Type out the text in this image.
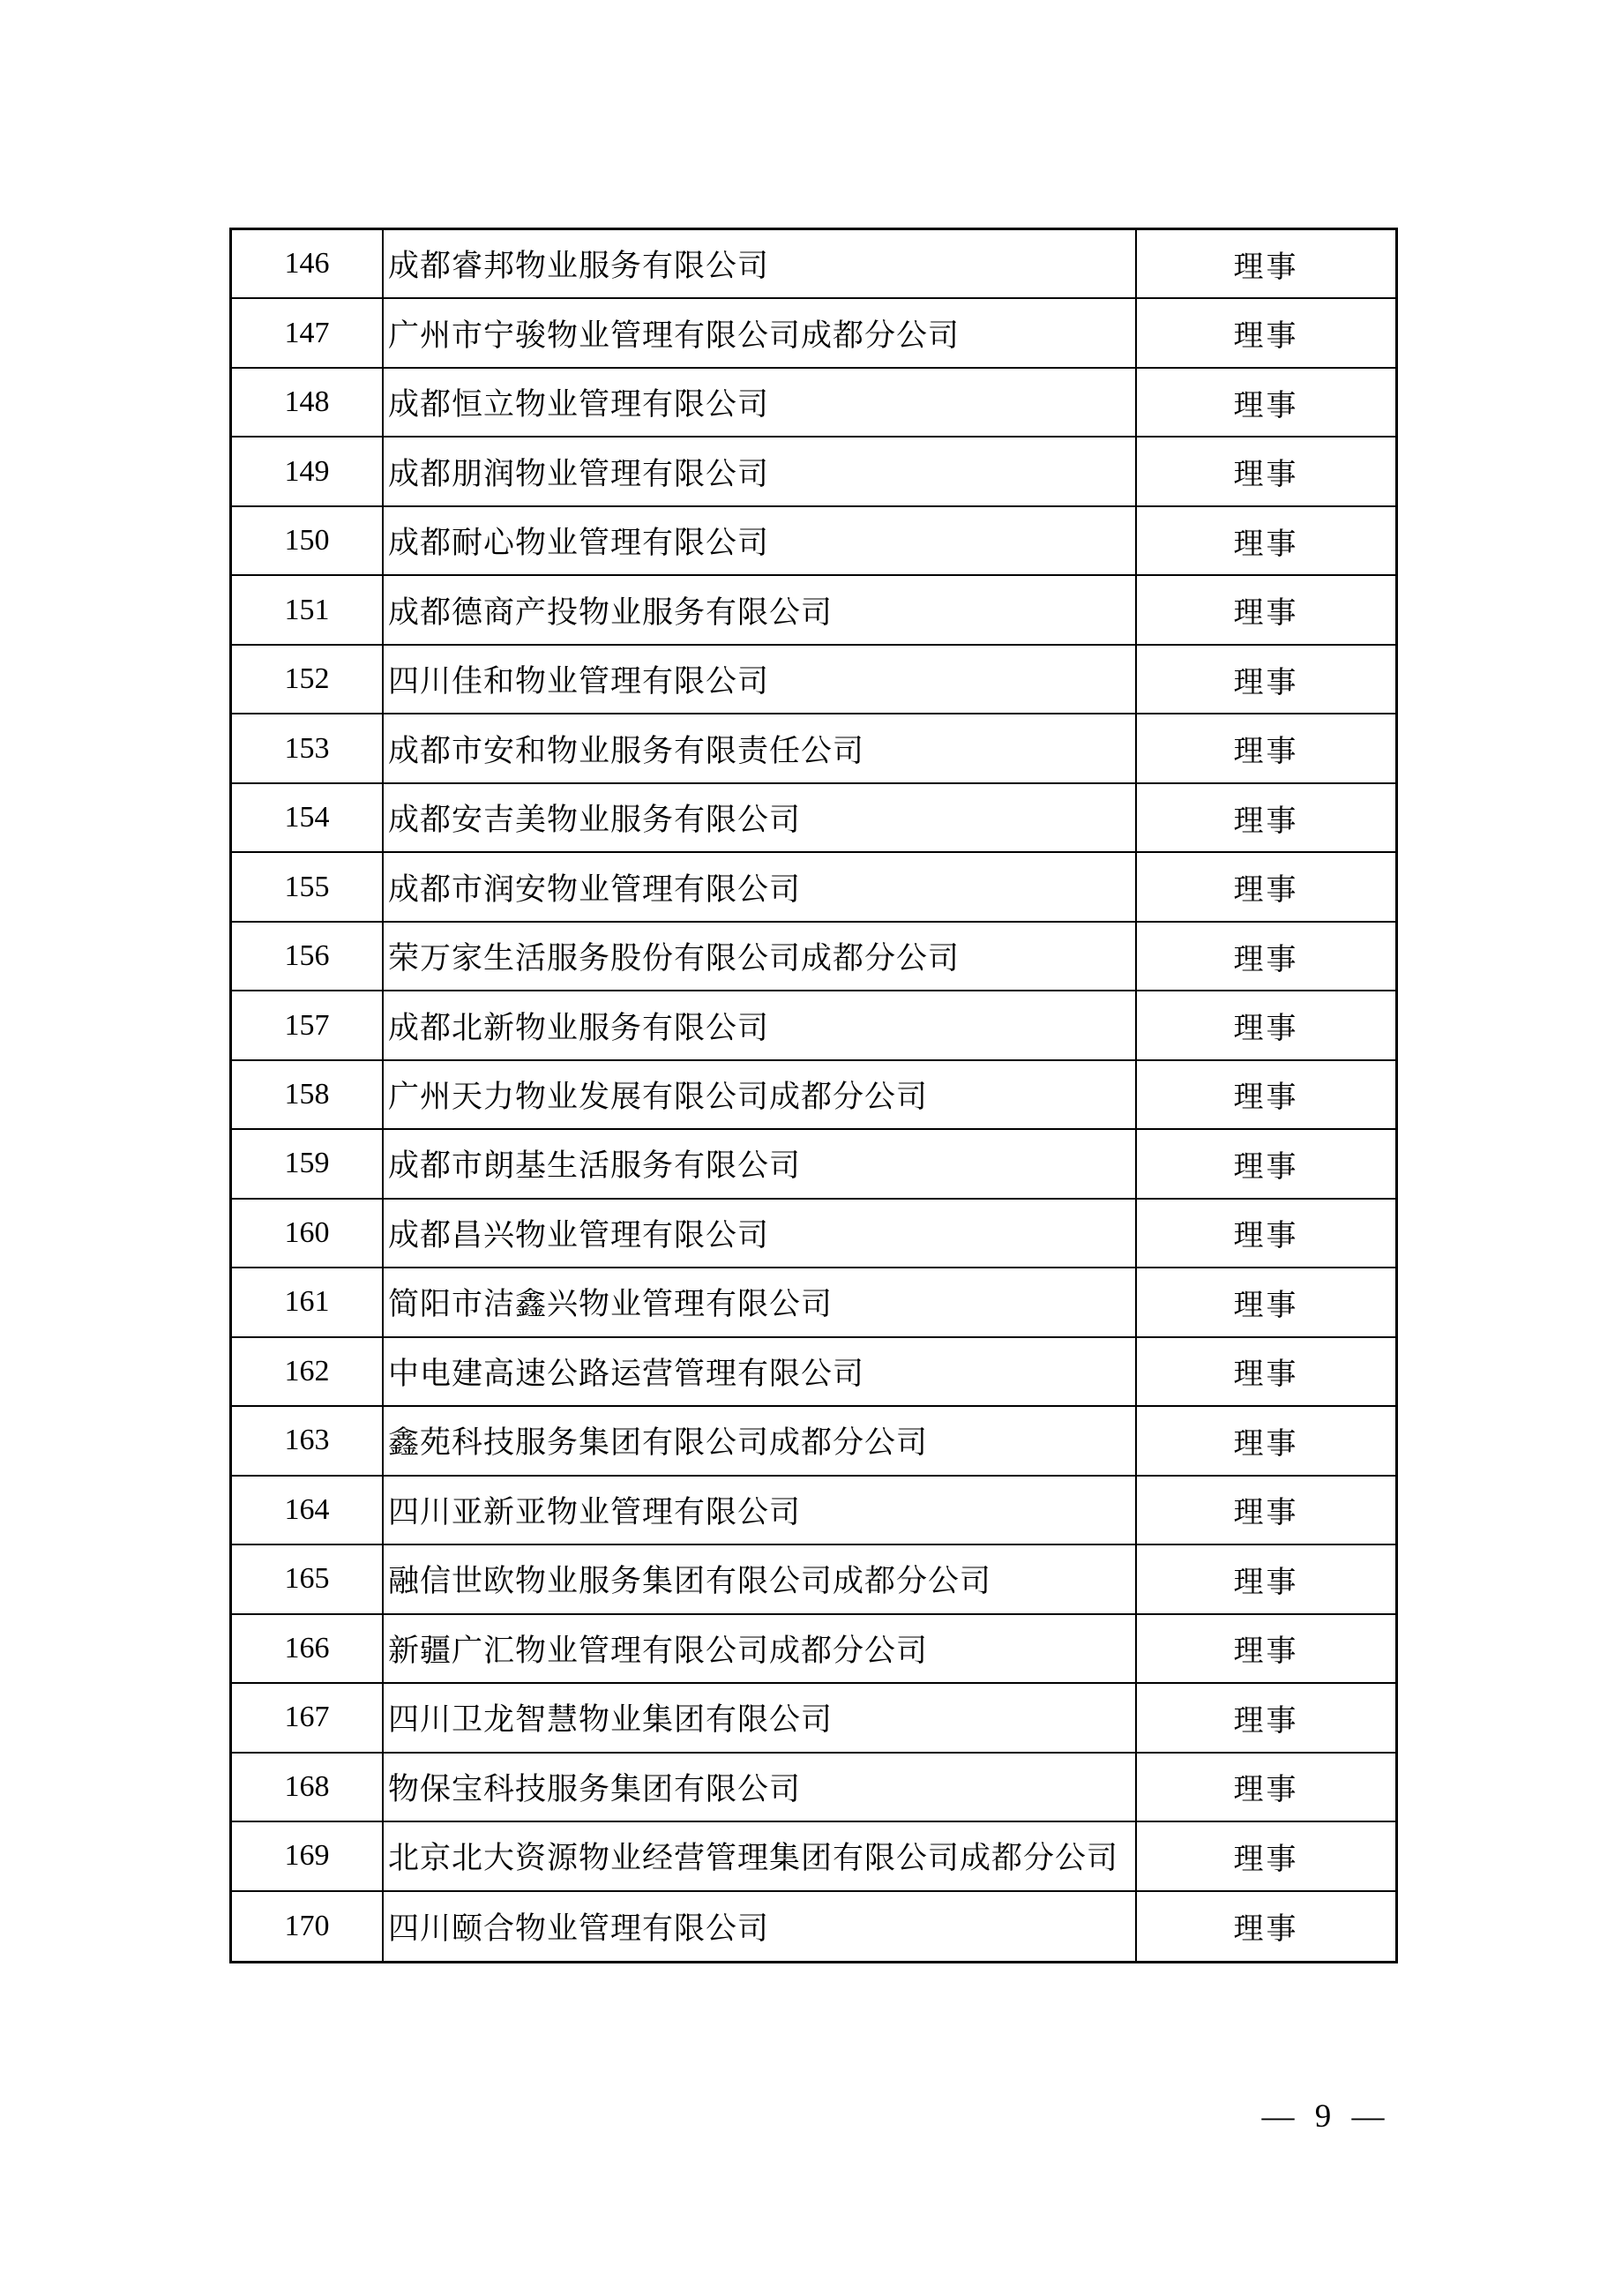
146 成都睿邦物业服务有限公司	理事
147 广州市宁骏物业管理有限公司成都分公司	理事
148 成都恒立物业管理有限公司	理事
149 成都朋润物业管理有限公司	理事
150 成都耐心物业管理有限公司	理事
151 成都德商产投物业服务有限公司	理事
152 四川佳和物业管理有限公司	理事
153 成都市安和物业服务有限责任公司	理事
154 成都安吉美物业服务有限公司	理事
155 成都市润安物业管理有限公司	理事
156 荣万家生活服务股份有限公司成都分公司	理事
157 成都北新物业服务有限公司	理事
158 广州天力物业发展有限公司成都分公司	理事
159 成都市朗基生活服务有限公司	理事
160 成都昌兴物业管理有限公司	理事
161 简阳市洁鑫兴物业管理有限公司	理事
162 中电建高速公路运营管理有限公司	理事
163 鑫苑科技服务集团有限公司成都分公司	理事
164 四川亚新亚物业管理有限公司	理事
165 融信世欧物业服务集团有限公司成都分公司	理事
166 新疆广汇物业管理有限公司成都分公司	理事
167 四川卫龙智慧物业集团有限公司	理事
168 物保宝科技服务集团有限公司	理事
169 北京北大资源物业经营管理集团有限公司成都分公司	理事
170 四川颐合物业管理有限公司	理事
— 9 —
